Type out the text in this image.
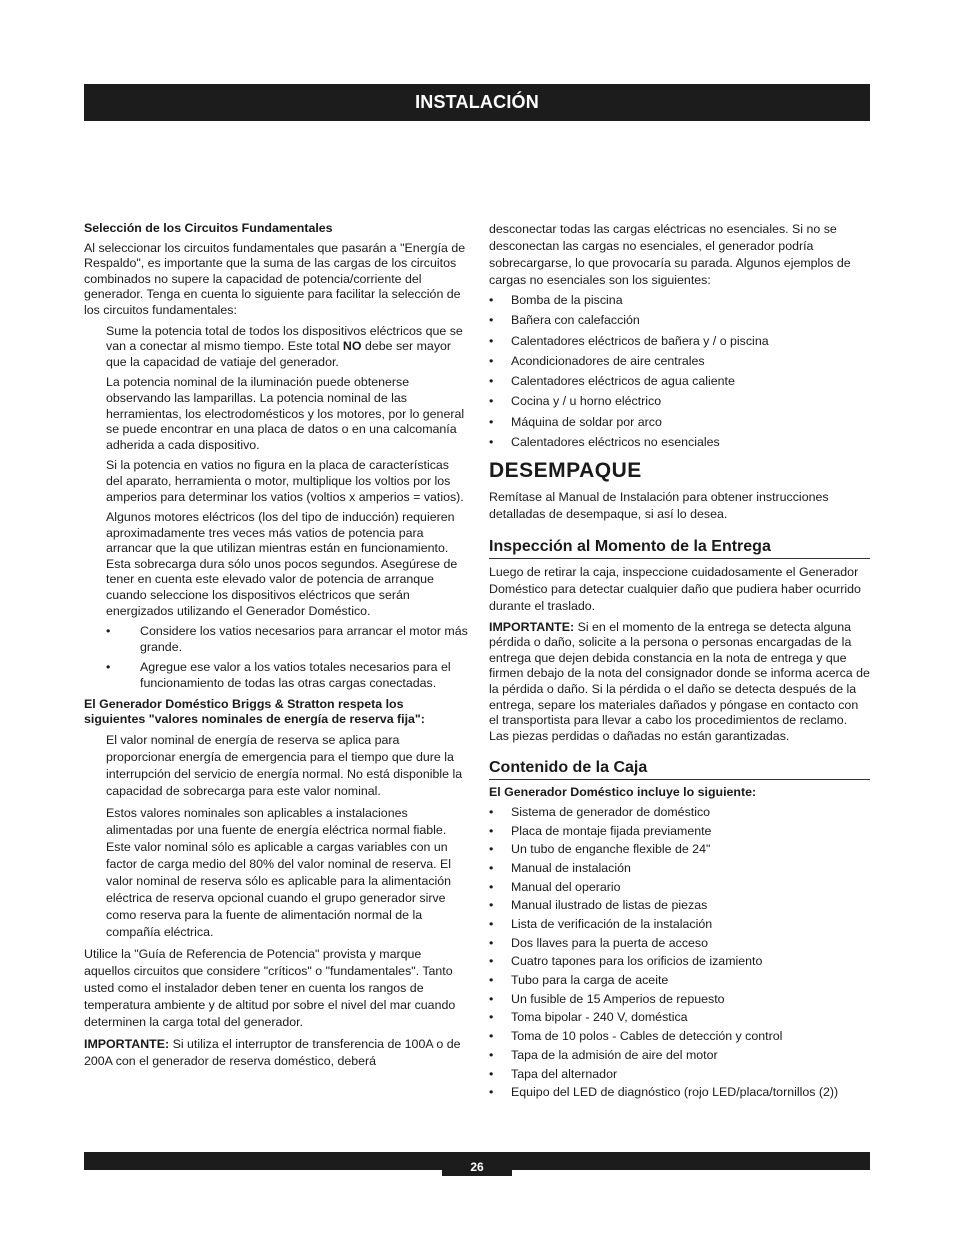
INSTALACIÓN

Selección de los Circuitos Fundamentales

Al seleccionar los circuitos fundamentales que pasarán a "Energía de Respaldo", es importante que la suma de las cargas de los circuitos combinados no supere la capacidad de potencia/corriente del generador. Tenga en cuenta lo siguiente para facilitar la selección de los circuitos fundamentales:

Sume la potencia total de todos los dispositivos eléctricos que se van a conectar al mismo tiempo. Este total NO debe ser mayor que la capacidad de vatiaje del generador.

La potencia nominal de la iluminación puede obtenerse observando las lamparillas. La potencia nominal de las herramientas, los electrodomésticos y los motores, por lo general se puede encontrar en una placa de datos o en una calcomanía adherida a cada dispositivo.

Si la potencia en vatios no figura en la placa de características del aparato, herramienta o motor, multiplique los voltios por los amperios para determinar los vatios (voltios x amperios = vatios).

Algunos motores eléctricos (los del tipo de inducción) requieren aproximadamente tres veces más vatios de potencia para arrancar que la que utilizan mientras están en funcionamiento. Esta sobrecarga dura sólo unos pocos segundos. Asegúrese de tener en cuenta este elevado valor de potencia de arranque cuando seleccione los dispositivos eléctricos que serán energizados utilizando el Generador Doméstico.

• Considere los vatios necesarios para arrancar el motor más grande.
• Agregue ese valor a los vatios totales necesarios para el funcionamiento de todas las otras cargas conectadas.

El Generador Doméstico Briggs & Stratton respeta los siguientes "valores nominales de energía de reserva fija":

El valor nominal de energía de reserva se aplica para proporcionar energía de emergencia para el tiempo que dure la interrupción del servicio de energía normal. No está disponible la capacidad de sobrecarga para este valor nominal.

Estos valores nominales son aplicables a instalaciones alimentadas por una fuente de energía eléctrica normal fiable. Este valor nominal sólo es aplicable a cargas variables con un factor de carga medio del 80% del valor nominal de reserva. El valor nominal de reserva sólo es aplicable para la alimentación eléctrica de reserva opcional cuando el grupo generador sirve como reserva para la fuente de alimentación normal de la compañía eléctrica.

Utilice la "Guía de Referencia de Potencia" provista y marque aquellos circuitos que considere "críticos" o "fundamentales". Tanto usted como el instalador deben tener en cuenta los rangos de temperatura ambiente y de altitud por sobre el nivel del mar cuando determinen la carga total del generador.

IMPORTANTE: Si utiliza el interruptor de transferencia de 100A o de 200A con el generador de reserva doméstico, deberá

desconectar todas las cargas eléctricas no esenciales. Si no se desconectan las cargas no esenciales, el generador podría sobrecargarse, lo que provocaría su parada. Algunos ejemplos de cargas no esenciales son los siguientes:

• Bomba de la piscina
• Bañera con calefacción
• Calentadores eléctricos de bañera y / o piscina
• Acondicionadores de aire centrales
• Calentadores eléctricos de agua caliente
• Cocina y / u horno eléctrico
• Máquina de soldar por arco
• Calentadores eléctricos no esenciales
DESEMPAQUE

Remítase al Manual de Instalación para obtener instrucciones detalladas de desempaque, si así lo desea.

Inspección al Momento de la Entrega

Luego de retirar la caja, inspeccione cuidadosamente el Generador Doméstico para detectar cualquier daño que pudiera haber ocurrido durante el traslado.

IMPORTANTE: Si en el momento de la entrega se detecta alguna pérdida o daño, solicite a la persona o personas encargadas de la entrega que dejen debida constancia en la nota de entrega y que firmen debajo de la nota del consignador donde se informa acerca de la pérdida o daño. Si la pérdida o el daño se detecta después de la entrega, separe los materiales dañados y póngase en contacto con el transportista para llevar a cabo los procedimientos de reclamo. Las piezas perdidas o dañadas no están garantizadas.

Contenido de la Caja

El Generador Doméstico incluye lo siguiente:

• Sistema de generador de doméstico
• Placa de montaje fijada previamente
• Un tubo de enganche flexible de 24"
• Manual de instalación
• Manual del operario
• Manual ilustrado de listas de piezas
• Lista de verificación de la instalación
• Dos llaves para la puerta de acceso
• Cuatro tapones para los orificios de izamiento
• Tubo para la carga de aceite
• Un fusible de 15 Amperios de repuesto
• Toma bipolar - 240 V, doméstica
• Toma de 10 polos - Cables de detección y control
• Tapa de la admisión de aire del motor
• Tapa del alternador
• Equipo del LED de diagnóstico (rojo LED/placa/tornillos (2))
26
